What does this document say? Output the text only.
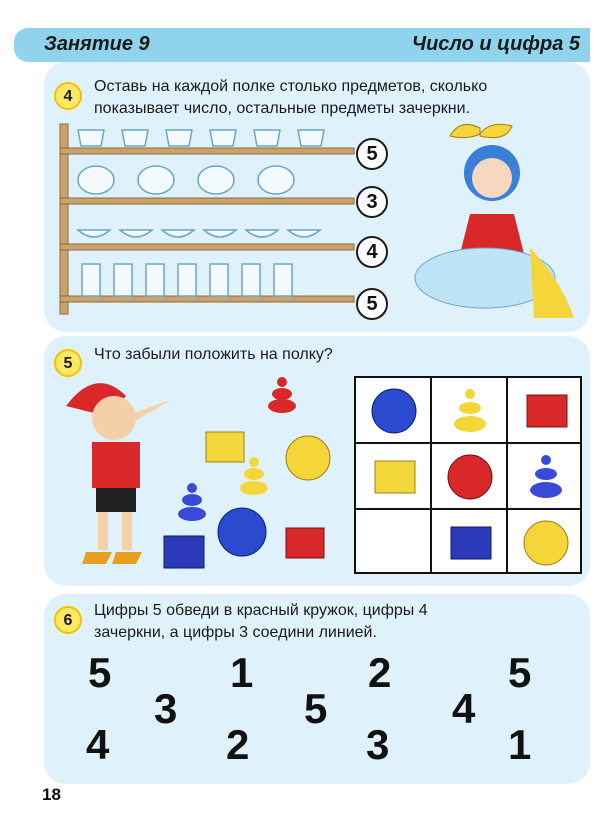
Занятие 9	Число и цифра 5
4
Оставь на каждой полке столько предметов, сколько
показывает число, остальные предметы зачеркни.
5
3
4
5
5
Что забыли положить на полку?
6
Цифры 5 обведи в красный кружок, цифры 4
зачеркни, а цифры 3 соедини линией.
5
3
4
1
2
5
2
3
4
5
1
18
